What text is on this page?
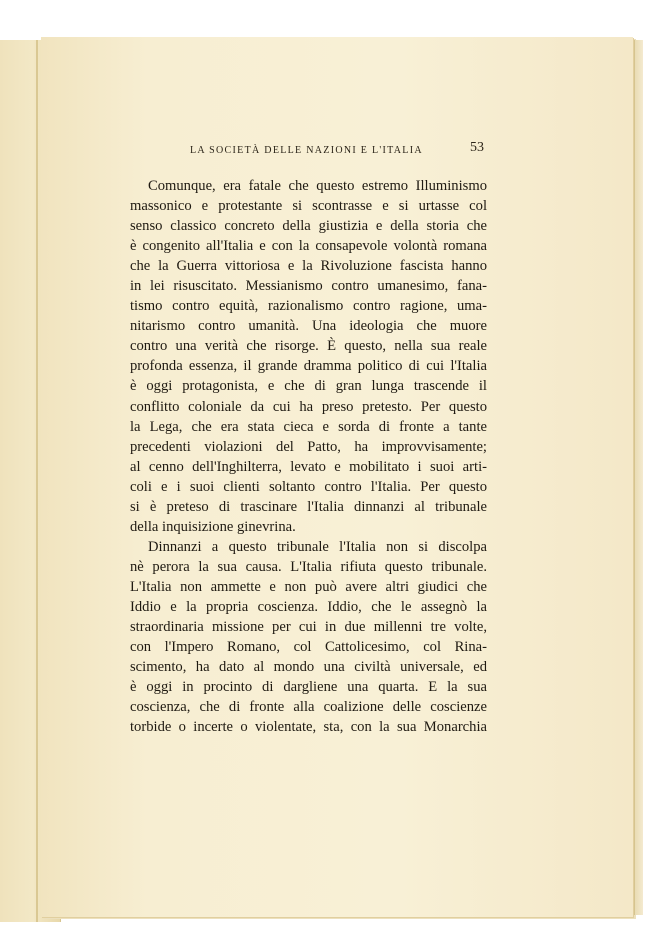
LA SOCIETÀ DELLE NAZIONI E L'ITALIA	53
Comunque, era fatale che questo estremo Illuminismo
massonico e protestante si scontrasse e si urtasse col
senso classico concreto della giustizia e della storia che
è congenito all'Italia e con la consapevole volontà romana
che la Guerra vittoriosa e la Rivoluzione fascista hanno
in lei risuscitato. Messianismo contro umanesimo, fana-
tismo contro equità, razionalismo contro ragione, uma-
nitarismo contro umanità. Una ideologia che muore
contro una verità che risorge. È questo, nella sua reale
profonda essenza, il grande dramma politico di cui l'Italia
è oggi protagonista, e che di gran lunga trascende il
conflitto coloniale da cui ha preso pretesto. Per questo
la Lega, che era stata cieca e sorda di fronte a tante
precedenti violazioni del Patto, ha improvvisamente;
al cenno dell'Inghilterra, levato e mobilitato i suoi arti-
coli e i suoi clienti soltanto contro l'Italia. Per questo
si è preteso di trascinare l'Italia dinnanzi al tribunale
della inquisizione ginevrina.
Dinnanzi a questo tribunale l'Italia non si discolpa
nè perora la sua causa. L'Italia rifiuta questo tribunale.
L'Italia non ammette e non può avere altri giudici che
Iddio e la propria coscienza. Iddio, che le assegnò la
straordinaria missione per cui in due millenni tre volte,
con l'Impero Romano, col Cattolicesimo, col Rina-
scimento, ha dato al mondo una civiltà universale, ed
è oggi in procinto di dargliene una quarta. E la sua
coscienza, che di fronte alla coalizione delle coscienze
torbide o incerte o violentate, sta, con la sua Monarchia
